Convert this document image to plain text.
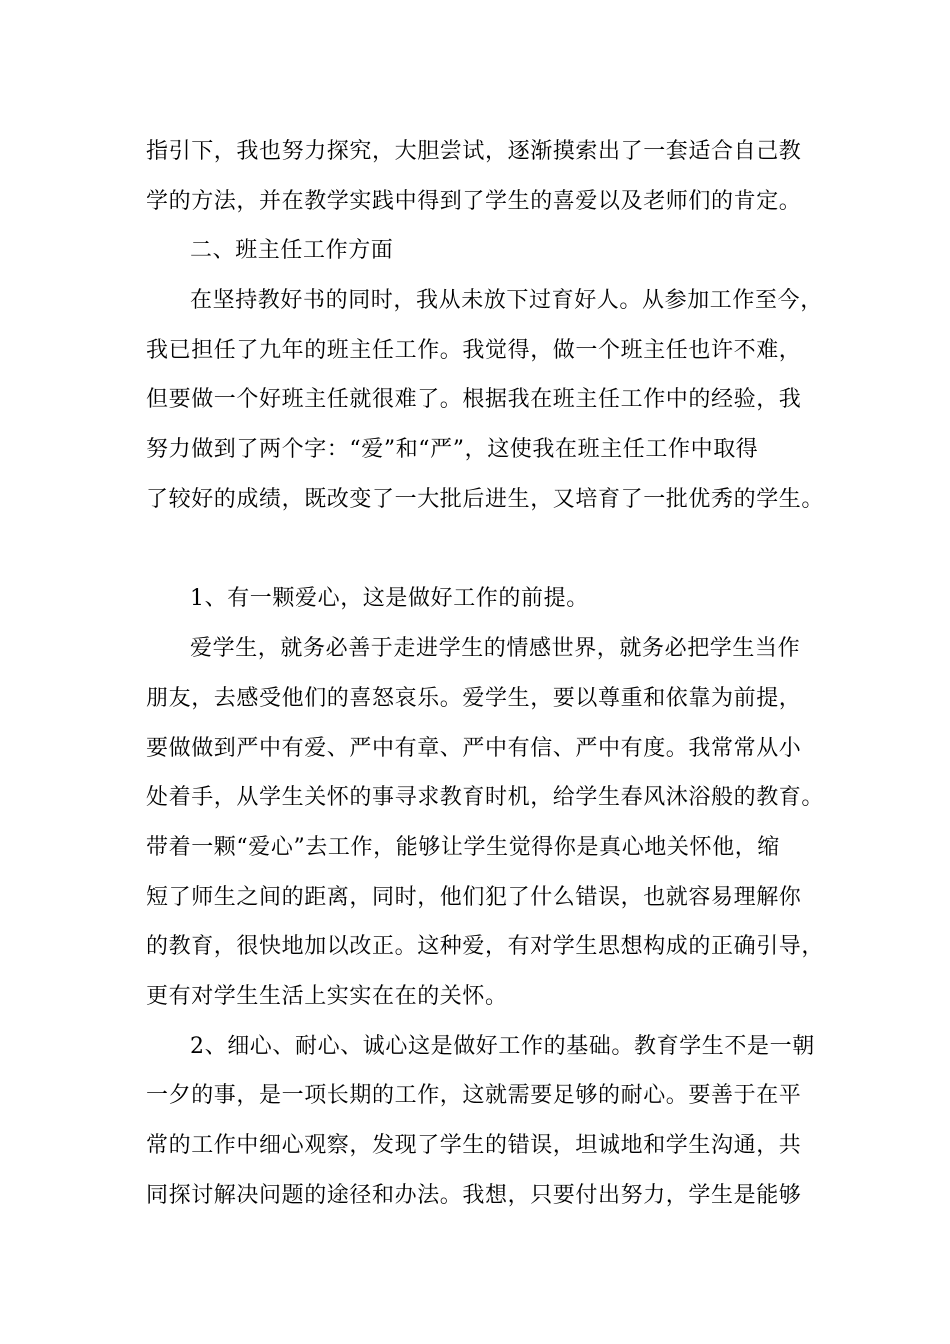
指引下，我也努力探究，大胆尝试，逐渐摸索出了一套适合自己教

学的方法，并在教学实践中得到了学生的喜爱以及老师们的肯定。

二、班主任工作方面

在坚持教好书的同时，我从未放下过育好人。从参加工作至今，

我已担任了九年的班主任工作。我觉得，做一个班主任也许不难，

但要做一个好班主任就很难了。根据我在班主任工作中的经验，我

努力做到了两个字：“爱”和“严”，这使我在班主任工作中取得

了较好的成绩，既改变了一大批后进生，又培育了一批优秀的学生。

1、有一颗爱心，这是做好工作的前提。

爱学生，就务必善于走进学生的情感世界，就务必把学生当作

朋友，去感受他们的喜怒哀乐。爱学生，要以尊重和依靠为前提，

要做做到严中有爱、严中有章、严中有信、严中有度。我常常从小

处着手，从学生关怀的事寻求教育时机，给学生春风沐浴般的教育。

带着一颗“爱心”去工作，能够让学生觉得你是真心地关怀他，缩

短了师生之间的距离，同时，他们犯了什么错误，也就容易理解你

的教育，很快地加以改正。这种爱，有对学生思想构成的正确引导，

更有对学生生活上实实在在的关怀。

2、细心、耐心、诚心这是做好工作的基础。教育学生不是一朝

一夕的事，是一项长期的工作，这就需要足够的耐心。要善于在平

常的工作中细心观察，发现了学生的错误，坦诚地和学生沟通，共

同探讨解决问题的途径和办法。我想，只要付出努力，学生是能够
